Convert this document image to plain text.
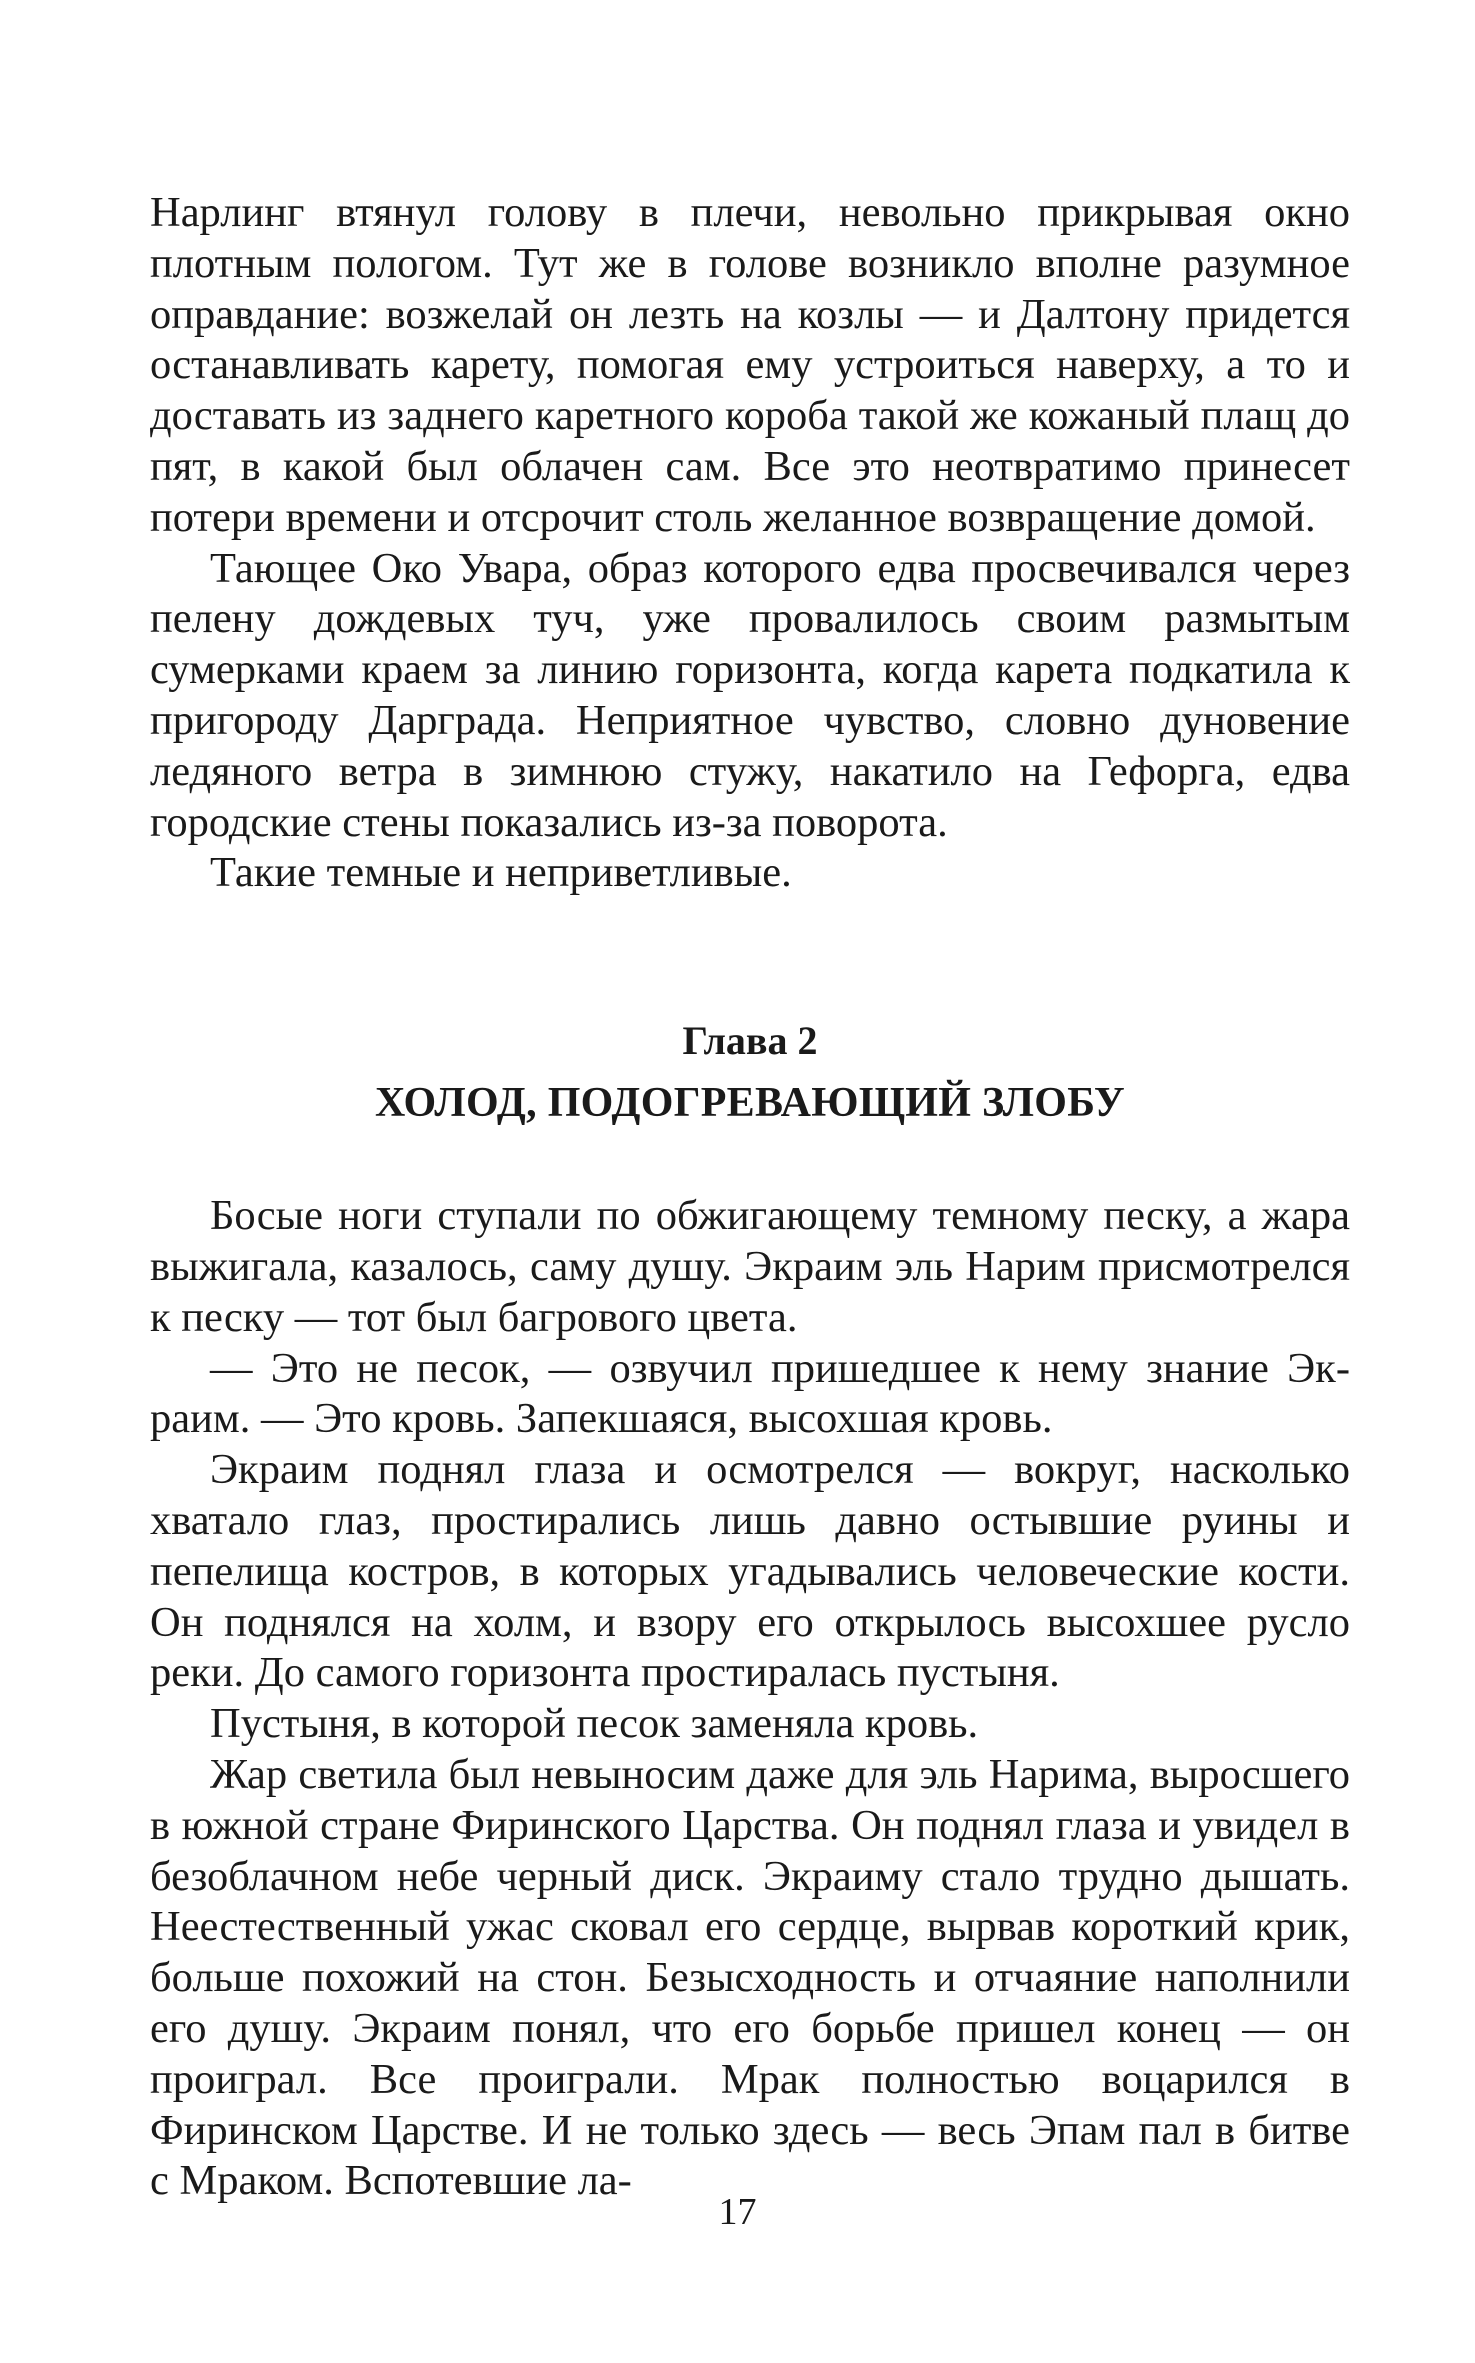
Нарлинг втянул голову в плечи, невольно прикрывая окно плотным пологом. Тут же в голове возникло вполне разумное оправдание: возжелай он лезть на козлы — и Далтону придется останавливать карету, помогая ему устроиться наверху, а то и доставать из заднего каретного короба такой же кожаный плащ до пят, в какой был облачен сам. Все это неотвратимо принесет потери времени и отсрочит столь желанное возвращение домой.

Тающее Око Увара, образ которого едва просвечивался через пелену дождевых туч, уже провалилось своим размытым сумерками краем за линию горизонта, когда карета подкатила к пригороду Дарграда. Неприятное чувство, словно дуновение ледяного ветра в зимнюю стужу, накатило на Гефорга, едва городские стены показались из-за поворота.

Такие темные и неприветливые.

Глава 2
ХОЛОД, ПОДОГРЕВАЮЩИЙ ЗЛОБУ

Босые ноги ступали по обжигающему темному песку, а жара выжигала, казалось, саму душу. Экраим эль Нарим присмотрелся к песку — тот был багрового цвета.

— Это не песок, — озвучил пришедшее к нему знание Экраим. — Это кровь. Запекшаяся, высохшая кровь.

Экраим поднял глаза и осмотрелся — вокруг, насколько хватало глаз, простирались лишь давно остывшие руины и пепелища костров, в которых угадывались человеческие кости. Он поднялся на холм, и взору его открылось высохшее русло реки. До самого горизонта простиралась пустыня.

Пустыня, в которой песок заменяла кровь.

Жар светила был невыносим даже для эль Нарима, выросшего в южной стране Фиринского Царства. Он поднял глаза и увидел в безоблачном небе черный диск. Экраиму стало трудно дышать. Неестественный ужас сковал его сердце, вырвав короткий крик, больше похожий на стон. Безысходность и отчаяние наполнили его душу. Экраим понял, что его борьбе пришел конец — он проиграл. Все проиграли. Мрак полностью воцарился в Фиринском Царстве. И не только здесь — весь Эпам пал в битве с Мраком. Вспотевшие ла-

17
